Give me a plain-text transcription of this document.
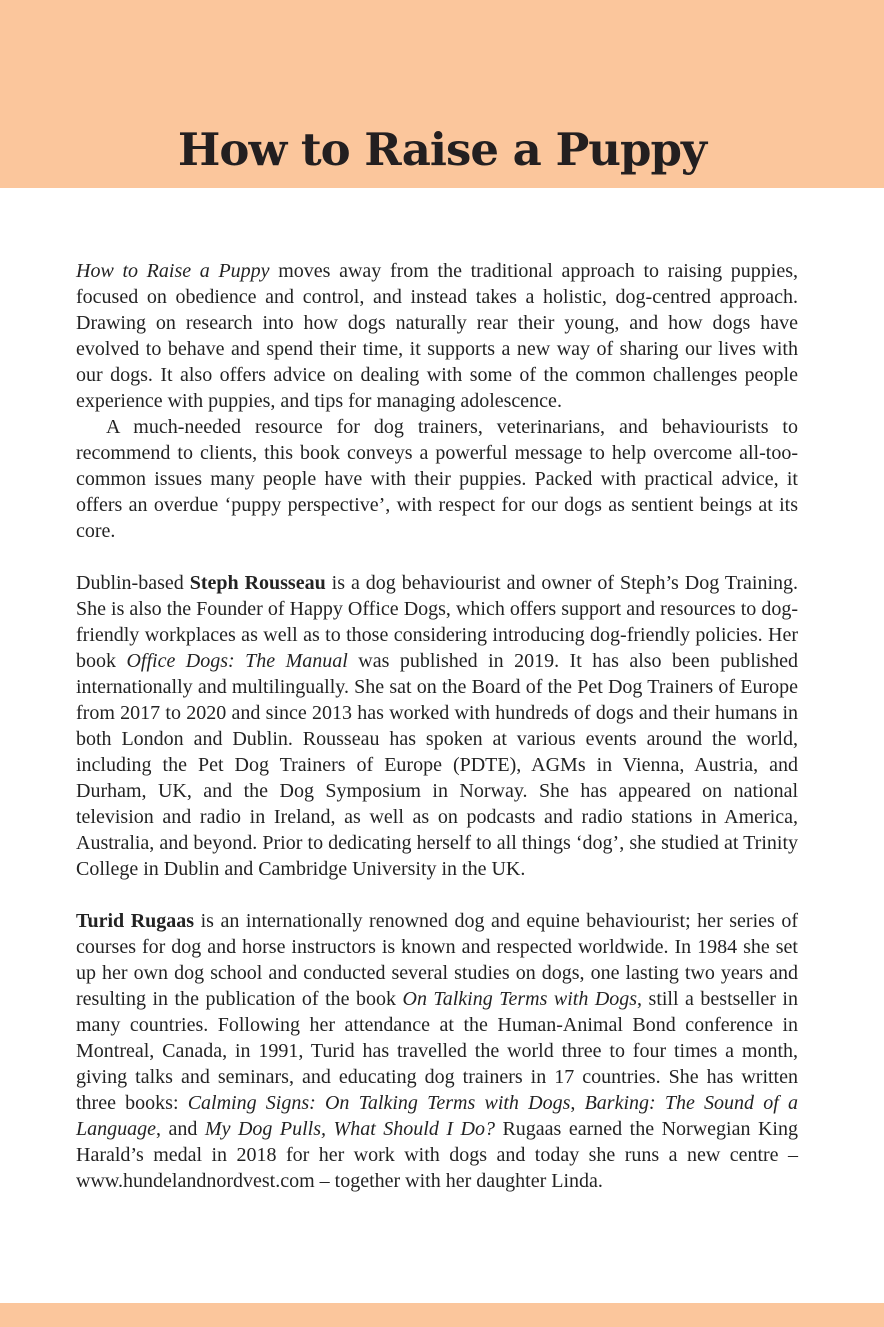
How to Raise a Puppy

How to Raise a Puppy moves away from the traditional approach to raising puppies, focused on obedience and control, and instead takes a holistic, dog-centred approach. Drawing on research into how dogs naturally rear their young, and how dogs have evolved to behave and spend their time, it supports a new way of sharing our lives with our dogs. It also offers advice on dealing with some of the common challenges people experience with puppies, and tips for managing adolescence.

A much-needed resource for dog trainers, veterinarians, and behaviourists to recommend to clients, this book conveys a powerful message to help overcome all-too-common issues many people have with their puppies. Packed with practical advice, it offers an overdue ‘puppy perspective’, with respect for our dogs as sentient beings at its core.

Dublin-based Steph Rousseau is a dog behaviourist and owner of Steph’s Dog Training. She is also the Founder of Happy Office Dogs, which offers support and resources to dog-friendly workplaces as well as to those considering introducing dog-friendly policies. Her book Office Dogs: The Manual was published in 2019. It has also been published internationally and multilingually. She sat on the Board of the Pet Dog Trainers of Europe from 2017 to 2020 and since 2013 has worked with hundreds of dogs and their humans in both London and Dublin. Rousseau has spoken at various events around the world, including the Pet Dog Trainers of Europe (PDTE), AGMs in Vienna, Austria, and Durham, UK, and the Dog Symposium in Norway. She has appeared on national television and radio in Ireland, as well as on podcasts and radio stations in America, Australia, and beyond. Prior to dedicating herself to all things ‘dog’, she studied at Trinity College in Dublin and Cambridge University in the UK.

Turid Rugaas is an internationally renowned dog and equine behaviourist; her series of courses for dog and horse instructors is known and respected worldwide. In 1984 she set up her own dog school and conducted several studies on dogs, one lasting two years and resulting in the publication of the book On Talking Terms with Dogs, still a bestseller in many countries. Following her attendance at the Human-Animal Bond conference in Montreal, Canada, in 1991, Turid has travelled the world three to four times a month, giving talks and seminars, and educating dog trainers in 17 countries. She has written three books: Calming Signs: On Talking Terms with Dogs, Barking: The Sound of a Language, and My Dog Pulls, What Should I Do? Rugaas earned the Norwegian King Harald’s medal in 2018 for her work with dogs and today she runs a new centre – www.hundelandnordvest.com – together with her daughter Linda.
